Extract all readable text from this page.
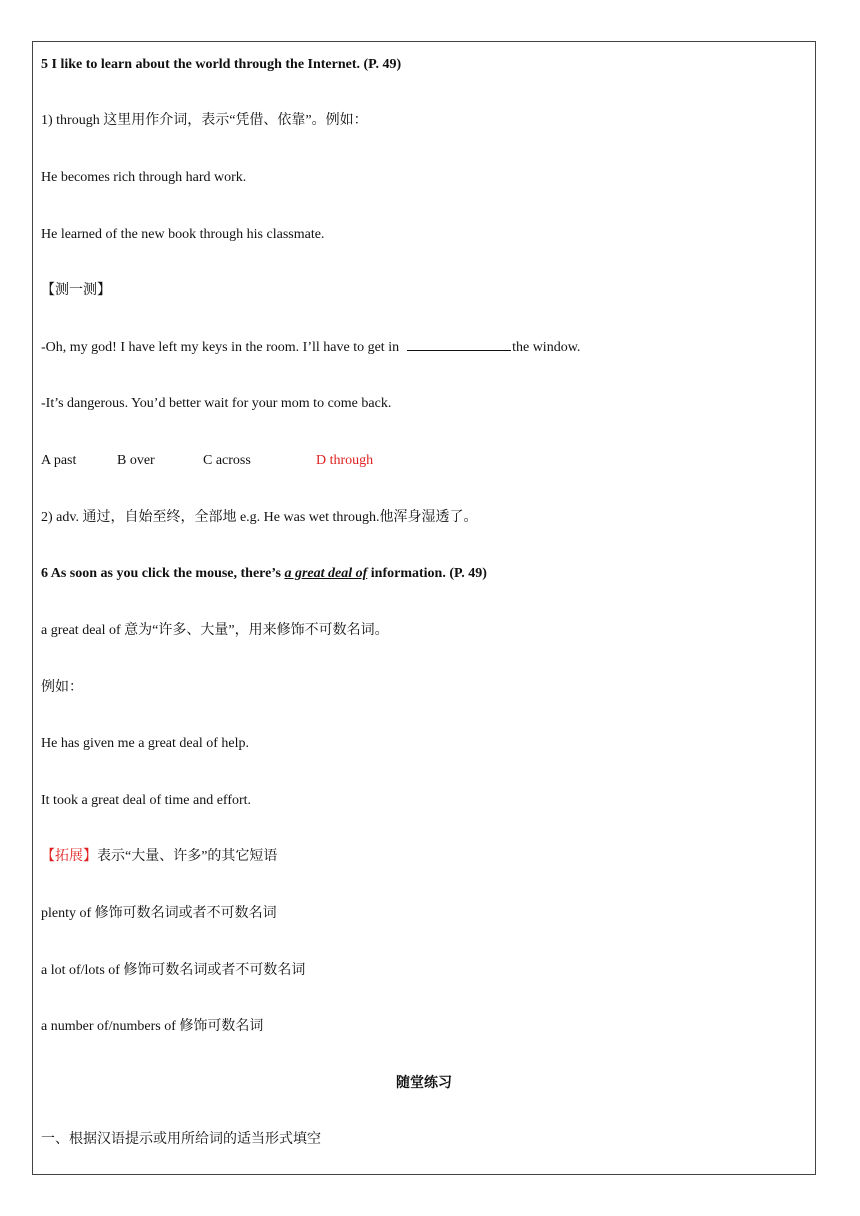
5 I like to learn about the world through the Internet. (P. 49)
1) through 这里用作介词，表示“凭借、依靠”。例如：
He becomes rich through hard work.
He learned of the new book through his classmate.
【测一测】
-Oh, my god! I have left my keys in the room. I’ll have to get in	the window.
-It’s dangerous. You’d better wait for your mom to come back.
A past	B over	C across	D through
2) adv. 通过，自始至终，全部地 e.g. He was wet through.他浑身湿透了。
6 As soon as you click the mouse, there’s a great deal of information. (P. 49)
a great deal of 意为“许多、大量”，用来修饰不可数名词。
例如：
He has given me a great deal of help.
It took a great deal of time and effort.
【拓展】表示“大量、许多”的其它短语
plenty of 修饰可数名词或者不可数名词
a lot of/lots of 修饰可数名词或者不可数名词
a number of/numbers of 修饰可数名词
随堂练习
一、根据汉语提示或用所给词的适当形式填空
